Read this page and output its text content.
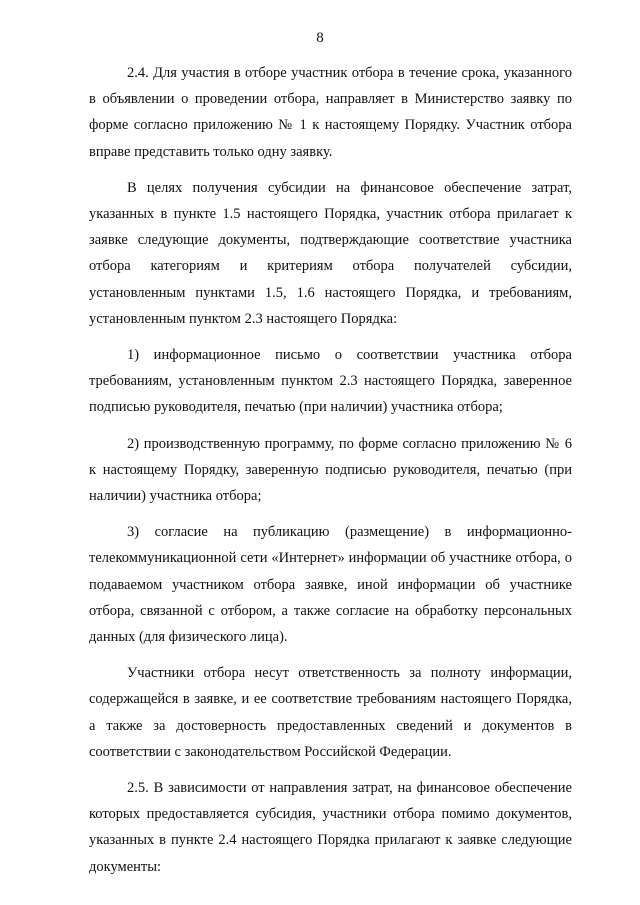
8

2.4. Для участия в отборе участник отбора в течение срока, указанного в объявлении о проведении отбора, направляет в Министерство заявку по форме согласно приложению № 1 к настоящему Порядку. Участник отбора вправе представить только одну заявку.

В целях получения субсидии на финансовое обеспечение затрат, указанных в пункте 1.5 настоящего Порядка, участник отбора прилагает к заявке следующие документы, подтверждающие соответствие участника отбора категориям и критериям отбора получателей субсидии, установленным пунктами 1.5, 1.6 настоящего Порядка, и требованиям, установленным пунктом 2.3 настоящего Порядка:

1) информационное письмо о соответствии участника отбора требованиям, установленным пунктом 2.3 настоящего Порядка, заверенное подписью руководителя, печатью (при наличии) участника отбора;

2) производственную программу, по форме согласно приложению № 6 к настоящему Порядку, заверенную подписью руководителя, печатью (при наличии) участника отбора;

3) согласие на публикацию (размещение) в информационно-телекоммуникационной сети «Интернет» информации об участнике отбора, о подаваемом участником отбора заявке, иной информации об участнике отбора, связанной с отбором, а также согласие на обработку персональных данных (для физического лица).

Участники отбора несут ответственность за полноту информации, содержащейся в заявке, и ее соответствие требованиям настоящего Порядка, а также за достоверность предоставленных сведений и документов в соответствии с законодательством Российской Федерации.

2.5. В зависимости от направления затрат, на финансовое обеспечение которых предоставляется субсидия, участники отбора помимо документов, указанных в пункте 2.4 настоящего Порядка прилагают к заявке следующие документы:
